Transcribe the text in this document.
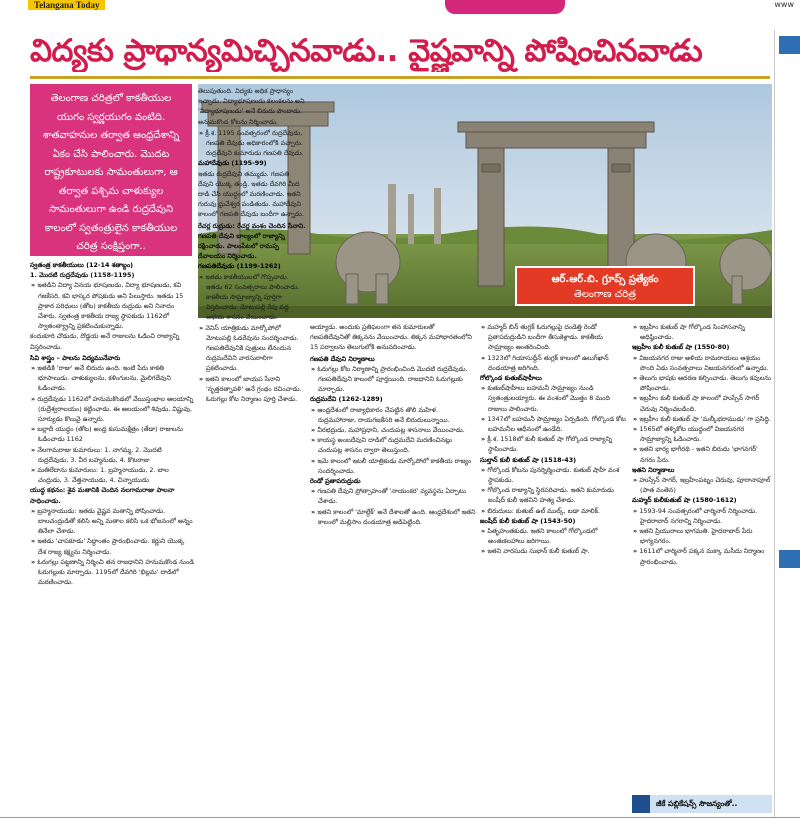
Telangana Today	www
విద్యకు ప్రాధాన్యమిచ్చినవాడు.. వైష్ణవాన్ని పోషించినవాడు
తెలంగాణ చరిత్రలో కాకతీయుల యుగం స్వర్ణయుగం వంటిది. శాతవాహనుల తర్వాత ఆంధ్రదేశాన్ని ఏకం చేసి పాలించారు. మొదట రాష్ట్రకూటులకు సామంతులుగా, ఆ తర్వాత పశ్చిమ చాళుక్యుల సామంతులుగా ఉండి రుద్రదేవుని కాలంలో స్వతంత్రులైన కాకతీయుల చరిత్ర సంక్షిప్తంగా..
ఆర్.ఆర్.బి. గ్రూప్స్ ప్రత్యేకం
తెలంగాణ చరిత్ర
స్వతంత్ర కాకతీయులు (12-14 శతాబ్దం)
1. మొదటి రుద్రదేవుడు (1158-1195)
» ఇతడిని విద్యా వినయ భూషణుడు, విద్యా భూషణుడు, కవి గజకేసరి, కవి భాస్కర పోషకుడు అని పిలుస్తారు. ఇతడు 15 ప్రాకార పరిధులు (తోట) కాకతీయ రుద్రుడు అని నినాదం చేశారు. స్వతంత్ర కాకతీయ రాజ్య స్థాపకుడు 1162లో స్వాతంత్య్రాన్ని ప్రకటించుకున్నాడు.

కందుకూరి చొడుడు, దొడ్డయ అనే రాజులను ఓడించి రాజ్యాన్ని విస్తరించాడు.

సివి శాస్త్రం – పాలను విద్యమునేవారు
» ఇతడికి 'రాజు' అనే బిరుదు ఉంది. ఇంటి పేరు కాకతి భూపాలుడు. చాళుక్యులను, కళింగులను, మైలిగదేవుని ఓడించాడు.
» రుద్రదేవుడు 1162లో హనుమకొండలో వేయిస్తంభాల ఆలయాన్ని (రుద్రేశ్వరాలయం) కట్టించాడు. ఈ ఆలయంలో శివుడు, విష్ణువు, సూర్యుడు కొలువై ఉన్నారు.
» బల్లాదీ యుద్ధం (తోట) అంధ్ర కుసుమక్షేత్రం (తేడా) రాజులను ఓడించాడు 1162
» నేలగామరాజు కుమారులు: 1. నాగమ్మ, 2. మొదటి రుద్రదేవుడు, 3. వీర బహ్మనుడు, 4. కొటరాజు
» మతిలేదాను కుమారులు: 1. బ్రహ్మనాయుడు, 2. బాల చంద్రుడు, 3. వేత్తనాయుడు, 4. చిన్నాయుడు
యుద్ధ కథనం: శైవ మతానికి చెందిన నలగామరాజు పాలనా సాధించాడు.
» బ్రహ్మనాయుడు: ఇతడు వైష్ణవ మతాన్ని పోషించాడు. బాలచంద్రుడితో కలిసి అన్ని మతాల కలిసి ఒక భోజనంలో అన్నం తినేలా చేశాడు.
» ఇతడు 'చాపకూడు' సిద్ధాంతం ప్రారంభించాడు. కర్ణుని యొక్క దేశ రాజ్య కక్ష్యను నిర్మించాడు.
» ఓరుగల్లు పట్టణాన్ని నిర్మించి తన రాజధానిని హనుమకొండ నుండి ఓరుగల్లుకు మార్చాడు. 1195లో దేవగిరి 'భిల్లమ' దాడిలో మరణించాడు.

తెలుపుతుంది. విద్యకు అధిక ప్రాధాన్యం ఇచ్చాడు. విద్యాభూషణుడు కలంకలను అని 'విద్యాభూషణుడు' అనే బిరుదు పొందాడు. అనుమకొండ కోటను నిర్మించాడు.

» క్రీ.శ. 1195 సంవత్సరంలో రుద్రదేవుడు, గణపతి దేవుడు అధికారంలోకి వచ్చారు. రుద్రదేవుని కుమారుడు గణపతి దేవుడు.
మహాదేవుడు (1195-99)

ఇతడు రుద్రదేవుని తమ్ముడు. గణపతి దేవుని యొక్క తండ్రి. ఇతడు దేవగిరి మీద దాడి చేసి యుద్ధంలో మరణించాడు. ఇతని గురువు ధ్రువేశ్వర పండితుడు. మహాదేవుని కాలంలో గణపతి దేవుడు బందీగా ఉన్నాడు.

రేచర్ల రుద్రుడు: రేచర్ల వంశం చెందిన సేనాని. గణపతి దేవుని బాల్యంలో రాజ్యాన్ని రక్షించాడు. పాలంపేటలో రామప్ప దేవాలయం నిర్మించాడు.
గణపతిదేవుడు (1199-1262)
» ఇతడు కాకతీయులలో గొప్పవాడు. ఇతడు 62 సంవత్సరాలు పాలించాడు. కాకతీయ సామ్రాజ్యాన్ని పూర్తిగా విస్తరించాడు. మోటుపల్లి రేవు వద్ద అభయ శాసనం వేయించాడు.
» వెనిస్ యాత్రికుడు మార్కోపోలో మోటుపల్లి ఓడరేవును సందర్శించాడు. గణపతిదేవునికి పుత్రులు లేనందున రుద్రమదేవిని వారసురాలిగా ప్రకటించాడు.
» ఇతని కాలంలో జాయప సేనాని 'నృత్తరత్నావళి' అనే గ్రంథం రచించాడు. ఓరుగల్లు కోట నిర్మాణం పూర్తి చేశాడు.

అయ్యాడు. అందుకు ప్రతిఫలంగా తన కుమారులతో గణపతిదేవునితో తిక్కనను వేయించాడు. తిక్కన మహాభారతంలోని 15 పర్వాలను తెలుగులోకి అనువదించాడు.

గణపతి దేవుని నిర్మాణాలు
» ఓరుగల్లు కోట నిర్మాణాన్ని ప్రారంభించింది మొదటి రుద్రదేవుడు. గణపతిదేవుని కాలంలో పూర్తయింది. రాజధానిని ఓరుగల్లుకు మార్చాడు.
రుద్రమదేవి (1262-1289)
» ఆంధ్రదేశంలో రాజ్యాధికారం చేపట్టిన తొలి మహిళ. రుద్రమహారాజు, రాయగజకేసరి అనే బిరుదులున్నాయి.
» వీరభద్రుడు, మహాప్రధాని, చందుపట్ల శాసనాలు వేయించాడు.
» కాయస్థ అంబదేవుని దాడిలో రుద్రమదేవి మరణించినట్లు చందుపట్ల శాసనం ద్వారా తెలుస్తుంది.
» ఇమె కాలంలో ఇటలీ యాత్రికుడు మార్కోపోలో కాకతీయ రాజ్యం సందర్శించాడు.
రెండో ప్రతాపరుద్రుడు
» గణపతి దేవుని ప్రోత్సాహంతో 'నాయంకర' వ్యవస్థను ఏర్పాటు చేశాడు.
» ఇతని కాలంలో 'మాల్దేక్' అనే దేశాలతో ఉంది. ఆంధ్రదేశంలో ఇతని కాలంలో మల్లిసాం దండయాత్ర అడిపెట్టింది.
» మహ్మద్ బిన్ తుగ్లక్ ఓరుగల్లుపై దండెత్తి రెండో ప్రతాపరుద్రుడిని బందీగా తీసుకెళ్లాడు. కాకతీయ సామ్రాజ్యం అంతరించింది.
» 1323లో గియాసుద్దీన్ తుగ్లక్ కాలంలో ఉలుగ్‌ఖాన్ దండయాత్ర జరిగింది.
గోల్కొండ కుతుబ్‌షాహీలు
» కుతుబ్‌షాహీలు బహమనీ సామ్రాజ్యం నుండి స్వతంత్రులయ్యారు. ఈ వంశంలో మొత్తం 8 మంది రాజులు పాలించారు.
» 1347లో బహమనీ సామ్రాజ్యం ఏర్పడింది. గోల్కొండ కోట బహమనీల ఆధీనంలో ఉండేది.
» క్రీ.శ. 1518లో కులీ కుతుబ్ షా గోల్కొండ రాజ్యాన్ని స్థాపించాడు.
సుల్తాన్ కులీ కుతుబ్ షా (1518-43)
» గోల్కొండ కోటను పునర్నిర్మించాడు. కుతుబ్ షాహీ వంశ స్థాపకుడు.
» గోల్కొండ రాజ్యాన్ని స్థిరపరిచాడు. ఇతని కుమారుడు జంషీద్ కులీ ఇతనిని హత్య చేశాడు.
» బిరుదులు: కుతుబ్ ఉల్ ముల్క్, బడా మాలిక్.
జంషీద్ కులీ కుతుబ్ షా (1543-50)
» పితృహంతకుడు. ఇతని కాలంలో గోల్కొండలో అంతఃకలహాలు జరిగాయి.
» ఇతని వారసుడు సుభాన్ కులీ కుతుబ్ షా.
» ఇబ్రహీం కుతుబ్ షా గోల్కొండ సింహాసనాన్ని అధిష్ఠించాడు.
ఇబ్రహీం కులీ కుతుబ్ షా (1550-80)
» విజయనగర రాజు అళియ రామరాయలు ఆశ్రయం పొంది ఏడు సంవత్సరాలు విజయనగరంలో ఉన్నాడు.
» తెలుగు భాషకు ఆదరణ కల్పించాడు. తెలుగు కవులను పోషించాడు.
» ఇబ్రహీం కులీ కుతుబ్ షా కాలంలో హుస్సేన్ సాగర్ చెరువు నిర్మించబడింది.
» ఇబ్రహీం కులీ కుతుబ్ షా 'మల్కీభరాముడు' గా ప్రసిద్ధి.
» 1565లో తళ్ళికోట యుద్ధంలో విజయనగర సామ్రాజ్యాన్ని ఓడించారు.
» ఇతని భార్య భాగీరథి - ఇతని బిరుదు 'భాగనగర్' నగరం పేరు.
ఇతని నిర్మాణాలు
» హుస్సేన్ సాగర్, ఇబ్రహీంపట్నం చెరువు, పూరానాపూల్ (పాత వంతెన)
మహ్మద్ కులీకుతుబ్ షా (1580-1612)
» 1593-94 సంవత్సరంలో చార్మినార్ నిర్మించాడు. హైదరాబాద్ నగరాన్ని నిర్మించాడు.
» ఇతని ప్రియురాలు భాగమతి. హైదరాబాద్ పేరు భాగ్యనగరం.
» 1611లో చార్మినార్ పక్కన మక్కా మసీదు నిర్మాణం ప్రారంభించాడు.
జీకే పబ్లికేషన్స్ సౌజన్యంతో..
